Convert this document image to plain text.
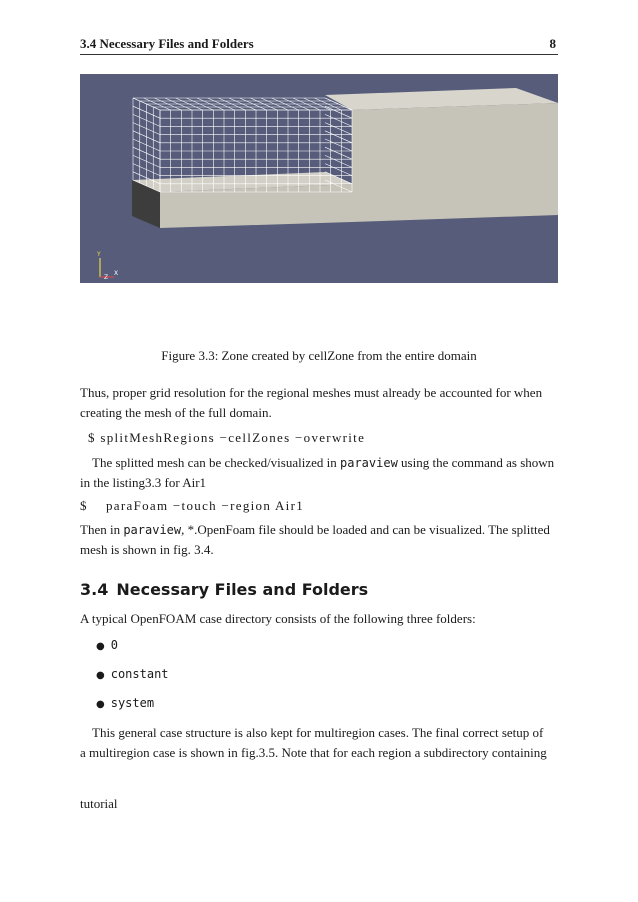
3.4 Necessary Files and Folders	8
Y
Z
X
Figure 3.3: Zone created by cellZone from the entire domain

Thus, proper grid resolution for the regional meshes must already be accounted for when
creating the mesh of the full domain.

$ splitMeshRegions −cellZones −overwrite

The splitted mesh can be checked/visualized in paraview using the command as shown
in the listing3.3 for Air1

$    paraFoam −touch −region Air1

Then in paraview, *.OpenFoam file should be loaded and can be visualized. The splitted
mesh is shown in fig. 3.4.

3.4 Necessary Files and Folders

A typical OpenFOAM case directory consists of the following three folders:

● 0
● constant
● system

This general case structure is also kept for multiregion cases. The final correct setup of
a multiregion case is shown in fig.3.5. Note that for each region a subdirectory containing

tutorial
